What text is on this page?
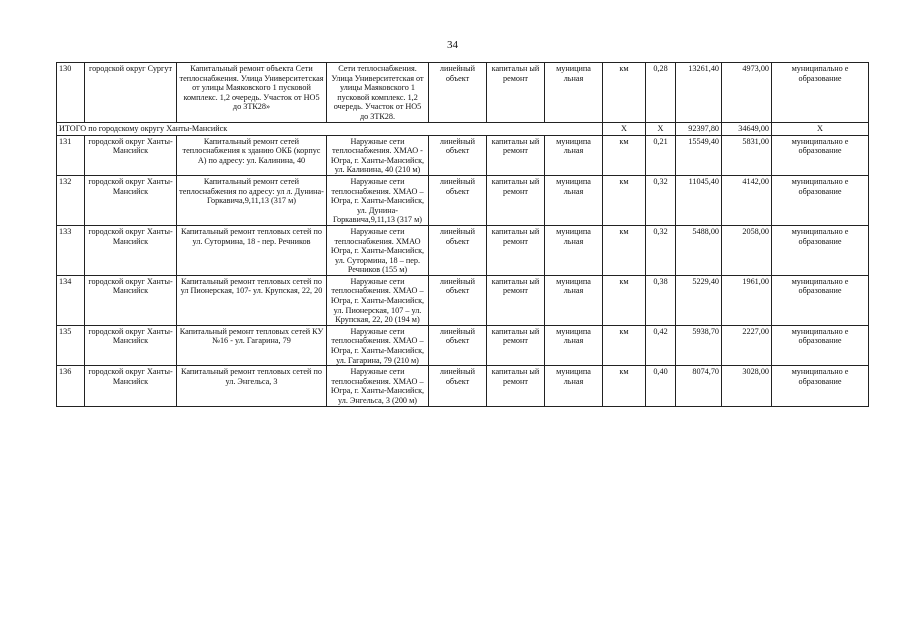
34
130	городской округ Сургут	Капитальный ремонт объекта Сети теплоснабжения. Улица Университетская от улицы Маяковского 1 пусковой комплекс. 1,2 очередь. Участок от НО5 до 3ТК28»	Сети теплоснабжения. Улица Университетская от улицы Маяковского 1 пусковой комплекс. 1,2 очередь. Участок от НО5 до 3ТК28.	линейный объект	капитальн ый ремонт	муниципа льная	км	0,28	13261,40	4973,00	муниципально е образование
ИТОГО по городскому округу Ханты-Мансийск							Х	Х	92397,80	34649,00	Х
131	городской округ Ханты-Мансийск	Капитальный ремонт сетей теплоснабжения к зданию ОКБ (корпус А) по адресу: ул. Калинина, 40	Наружные сети теплоснабжения. ХМАО - Югра, г. Ханты-Мансийск, ул. Калинина, 40 (210 м)	линейный объект	капитальн ый ремонт	муниципа льная	км	0,21	15549,40	5831,00	муниципально е образование
132	городской округ Ханты-Мансийск	Капитальный ремонт сетей теплоснабжения по адресу: ул л. Дунина-Горкавича,9,11,13 (317 м)	Наружные сети теплоснабжения. ХМАО – Югра, г. Ханты-Мансийск, ул. Дунина-Горкавича,9,11,13 (317 м)	линейный объект	капитальн ый ремонт	муниципа льная	км	0,32	11045,40	4142,00	муниципально е образование
133	городской округ Ханты-Мансийск	Капитальный ремонт тепловых сетей по ул. Сутормина, 18 - пер. Речников	Наружные сети теплоснабжения. ХМАО Югра, г. Ханты-Мансийск, ул. Сутормина, 18 – пер. Речников (155 м)	линейный объект	капитальн ый ремонт	муниципа льная	км	0,32	5488,00	2058,00	муниципально е образование
134	городской округ Ханты-Мансийск	Капитальный ремонт тепловых сетей по ул Пионерская, 107- ул. Крупская, 22, 20	Наружные сети теплоснабжения. ХМАО – Югра, г. Ханты-Мансийск, ул. Пионерская, 107 – ул. Крупская, 22, 20 (194 м)	линейный объект	капитальн ый ремонт	муниципа льная	км	0,38	5229,40	1961,00	муниципально е образование
135	городской округ Ханты-Мансийск	Капитальный ремонт тепловых сетей КУ №16 - ул. Гагарина, 79	Наружные сети теплоснабжения. ХМАО – Югра, г. Ханты-Мансийск, ул. Гагарина, 79 (210 м)	линейный объект	капитальн ый ремонт	муниципа льная	км	0,42	5938,70	2227,00	муниципально е образование
136	городской округ Ханты-Мансийск	Капитальный ремонт тепловых сетей по ул. Энгельса, 3	Наружные сети теплоснабжения. ХМАО – Югра, г. Ханты-Мансийск, ул. Энгельса, 3 (200 м)	линейный объект	капитальн ый ремонт	муниципа льная	км	0,40	8074,70	3028,00	муниципально е образование
